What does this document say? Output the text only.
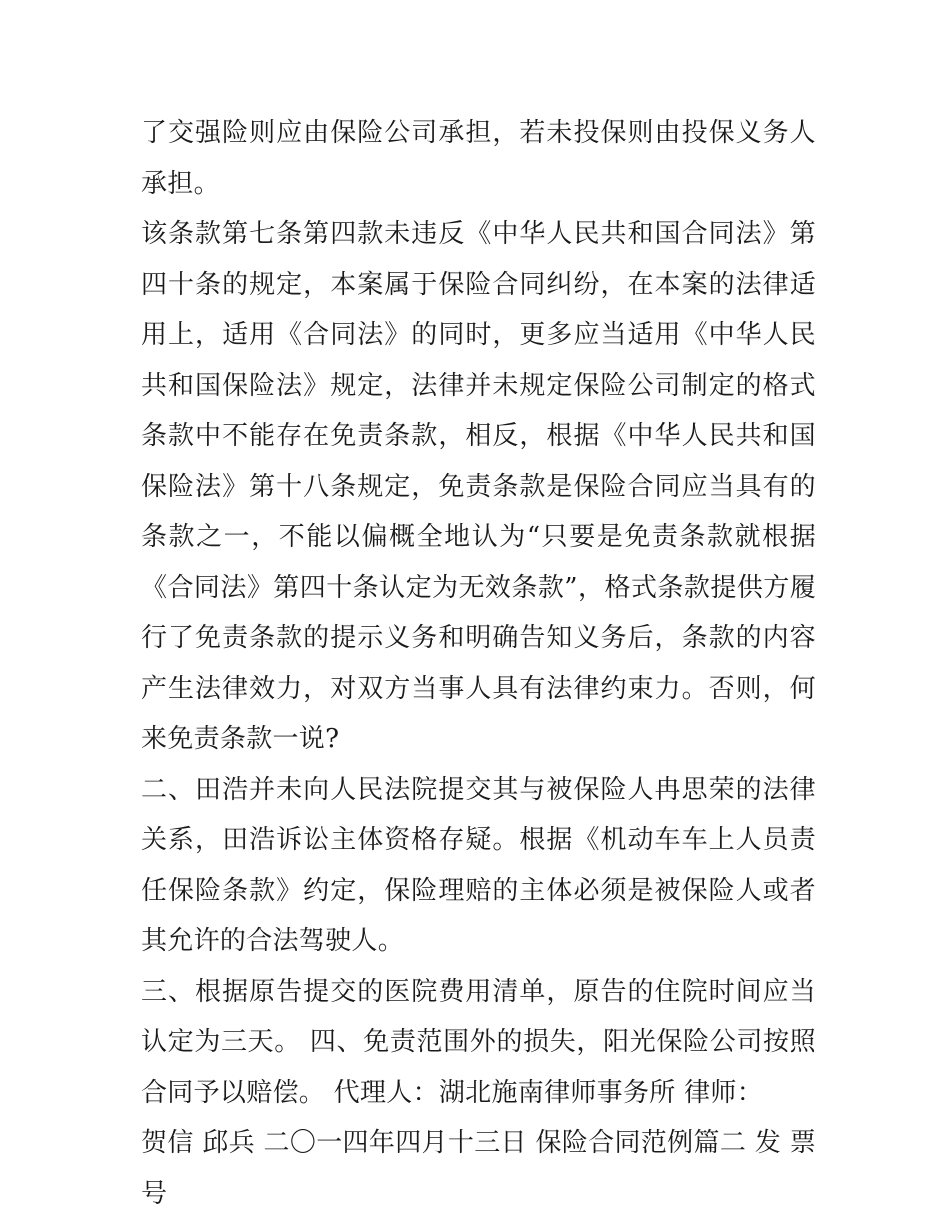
了交强险则应由保险公司承担，若未投保则由投保义务人承担。

该条款第七条第四款未违反《中华人民共和国合同法》第四十条的规定，本案属于保险合同纠纷，在本案的法律适用上，适用《合同法》的同时，更多应当适用《中华人民共和国保险法》规定，法律并未规定保险公司制定的格式条款中不能存在免责条款，相反，根据《中华人民共和国保险法》第十八条规定，免责条款是保险合同应当具有的条款之一，不能以偏概全地认为“只要是免责条款就根据《合同法》第四十条认定为无效条款”，格式条款提供方履行了免责条款的提示义务和明确告知义务后，条款的内容产生法律效力，对双方当事人具有法律约束力。否则，何来免责条款一说?

二、田浩并未向人民法院提交其与被保险人冉思荣的法律关系，田浩诉讼主体资格存疑。根据《机动车车上人员责任保险条款》约定，保险理赔的主体必须是被保险人或者其允许的合法驾驶人。

三、根据原告提交的医院费用清单，原告的住院时间应当认定为三天。 四、免责范围外的损失，阳光保险公司按照合同予以赔偿。 代理人：湖北施南律师事务所 律师：

贺信 邱兵 二〇一四年四月十三日 保险合同范例篇二 发 票 号
